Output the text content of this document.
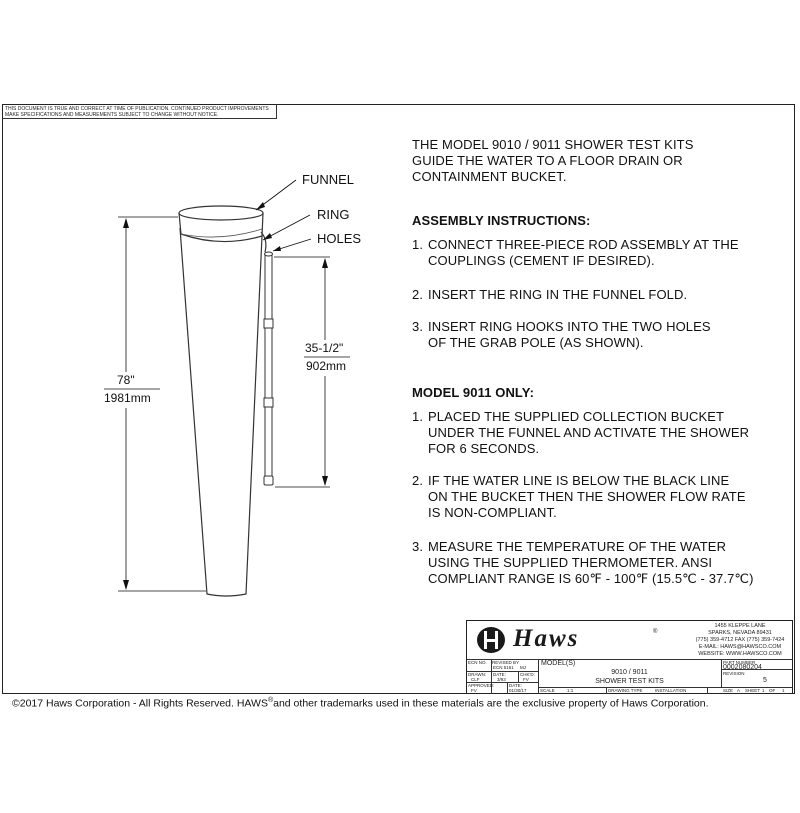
THIS DOCUMENT IS TRUE AND CORRECT AT TIME OF PUBLICATION. CONTINUED PRODUCT IMPROVEMENTS MAKE SPECIFICATIONS AND MEASUREMENTS SUBJECT TO CHANGE WITHOUT NOTICE.
FUNNEL
RING
HOLES
35-1/2"
902mm
78"
1981mm
THE MODEL 9010 / 9011 SHOWER TEST KITS
GUIDE THE WATER TO A FLOOR DRAIN OR
CONTAINMENT BUCKET.
ASSEMBLY INSTRUCTIONS:
1. CONNECT THREE-PIECE ROD ASSEMBLY AT THE
COUPLINGS (CEMENT IF DESIRED).
2. INSERT THE RING IN THE FUNNEL FOLD.
3. INSERT RING HOOKS INTO THE TWO HOLES
OF THE GRAB POLE (AS SHOWN).
MODEL 9011 ONLY:
1. PLACED THE SUPPLIED COLLECTION BUCKET
UNDER THE FUNNEL AND ACTIVATE THE SHOWER
FOR 6 SECONDS.
2. IF THE WATER LINE IS BELOW THE BLACK LINE
ON THE BUCKET THEN THE SHOWER FLOW RATE
IS NON-COMPLIANT.
3. MEASURE THE TEMPERATURE OF THE WATER
USING THE SUPPLIED THERMOMETER. ANSI
COMPLIANT RANGE IS 60℉ - 100℉ (15.5℃ - 37.7℃)
Haws	®
1455 KLEPPE LANE
SPARKS, NEVADA 89431
(775) 359-4712 FAX (775) 359-7424
E-MAIL: HAWS@HAWSCO.COM
WEBSITE: WWW.HAWSCO.COM
ECN NO. REVISED BY
ECN 5161 MJ
DRAWN:
CLF
DATE:
3/93
CHK'D:
FV
APPROVED:
FV
DATE:
01/30/17
MODEL(S)
9010 / 9011
SHOWER TEST KITS
PART NUMBER
0002080204
REVISION
5
SCALE	1:1	DRAWING TYPE	INSTALLATION	SIZE A SHEET 1 OF 1
©2017 Haws Corporation - All Rights Reserved. HAWS®and other trademarks used in these materials are the exclusive property of Haws Corporation.
